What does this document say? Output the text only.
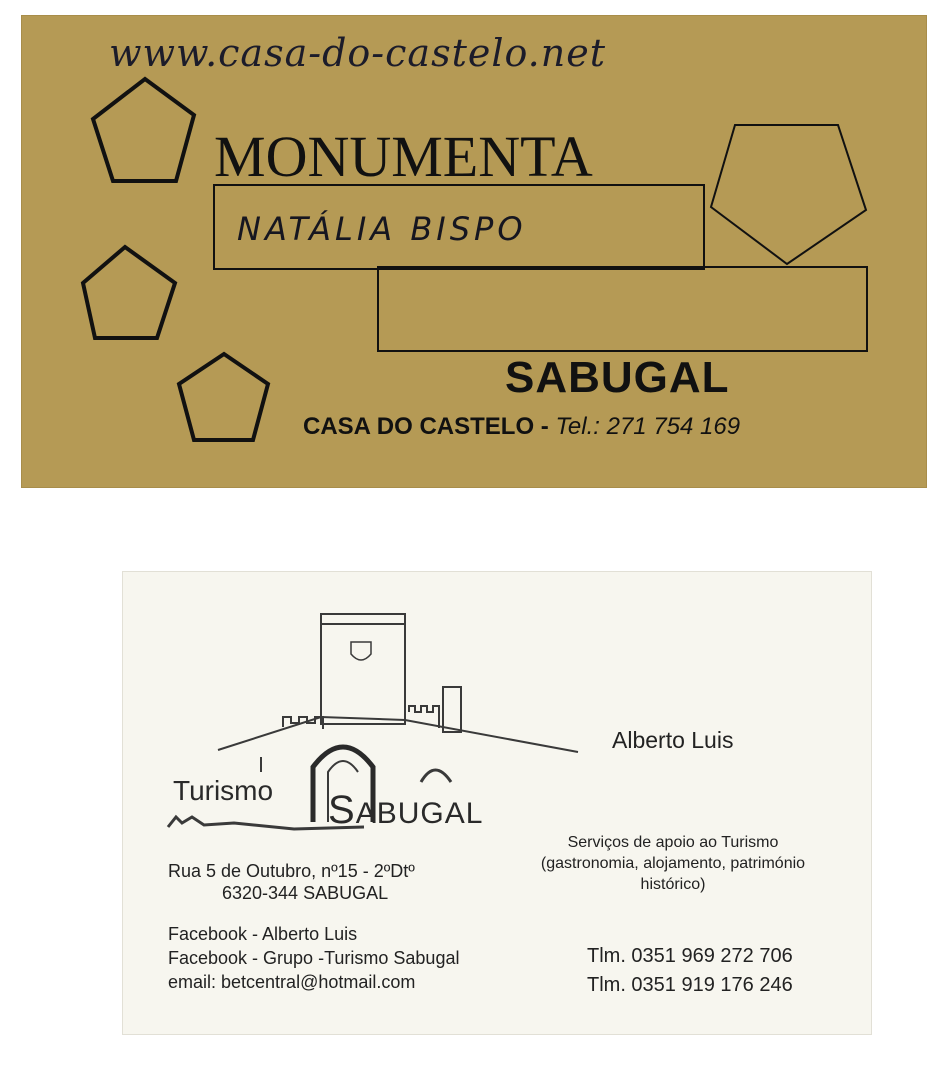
www.casa-do-castelo.net
MONUMENTA
NATÁLIA BISPO
SABUGAL
CASA DO CASTELO - Tel.: 271 754 169
Turismo SABUGAL
Alberto Luis
Serviços de apoio ao Turismo
(gastronomia, alojamento, património
histórico)
Rua 5 de Outubro, nº15 - 2ºDtº
6320-344 SABUGAL
Facebook - Alberto Luis
Facebook - Grupo -Turismo Sabugal
email: betcentral@hotmail.com
Tlm. 0351 969 272 706
Tlm. 0351 919 176 246
